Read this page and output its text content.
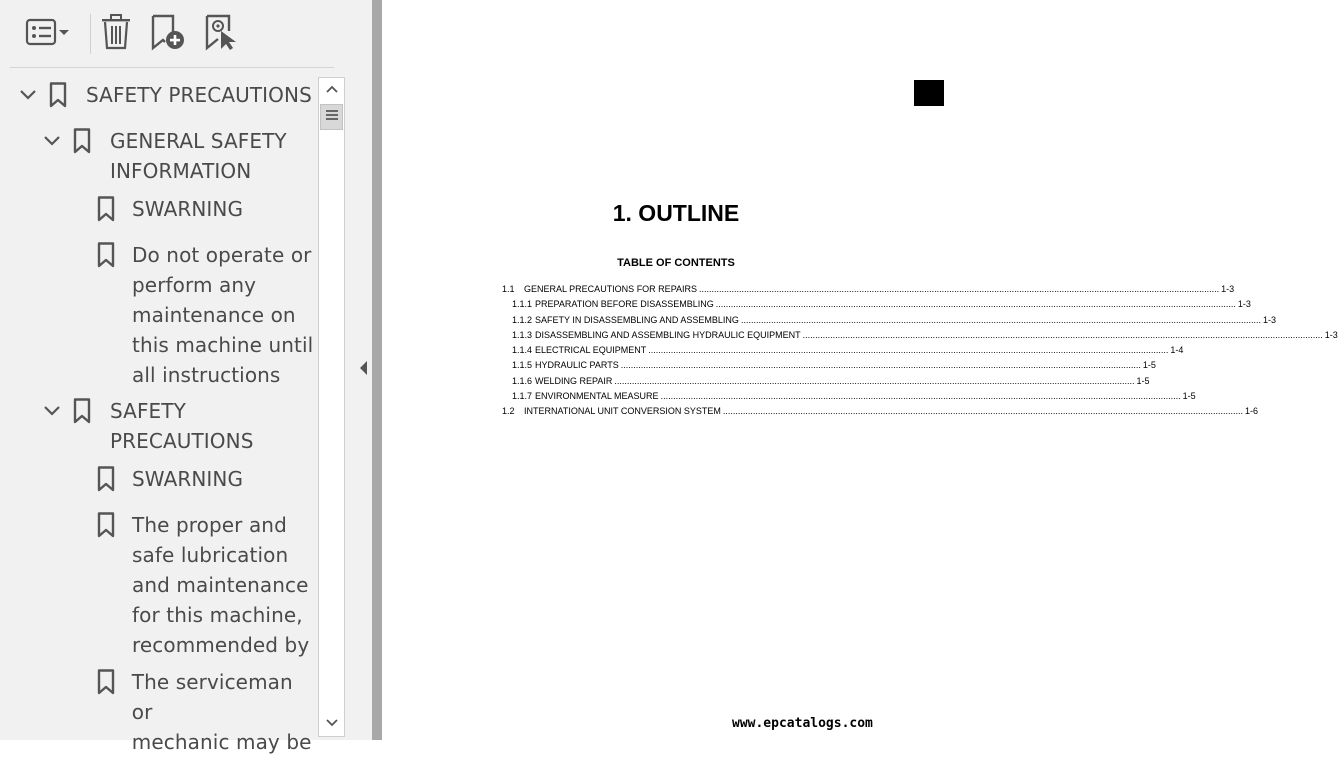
SAFETY PRECAUTIONS
GENERAL SAFETY
INFORMATION
SWARNING
Do not operate or
perform any
maintenance on
this machine until
all instructions
SAFETY
PRECAUTIONS
SWARNING
The proper and
safe lubrication
and maintenance
for this machine,
recommended by
The serviceman or
mechanic may be
1. OUTLINE
TABLE OF CONTENTS
1.1	GENERAL PRECAUTIONS FOR REPAIRS .....	1-3
1.1.1 PREPARATION BEFORE DISASSEMBLING .....	1-3
1.1.2 SAFETY IN DISASSEMBLING AND ASSEMBLING .....	1-3
1.1.3 DISASSEMBLING AND ASSEMBLING HYDRAULIC EQUIPMENT .....	1-3
1.1.4 ELECTRICAL EQUIPMENT .....	1-4
1.1.5 HYDRAULIC PARTS .....	1-5
1.1.6 WELDING REPAIR .....	1-5
1.1.7 ENVIRONMENTAL MEASURE .....	1-5
1.2	INTERNATIONAL UNIT CONVERSION SYSTEM .....	1-6
www.epcatalogs.com
